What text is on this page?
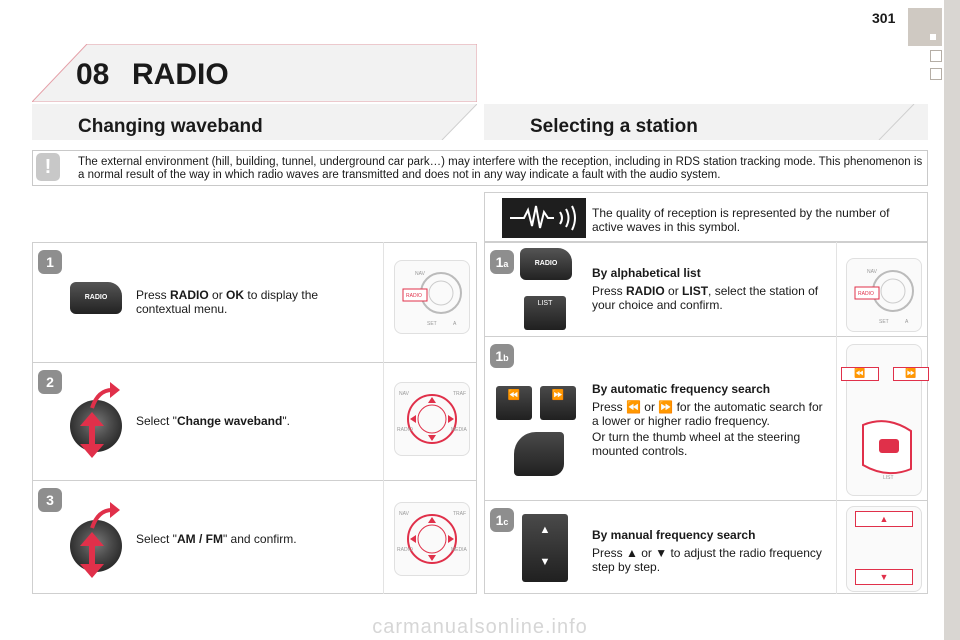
301
08 RADIO
Changing waveband	Selecting a station
!	The external environment (hill, building, tunnel, underground car park…) may interfere with the reception, including in RDS station tracking mode. This phenomenon is a normal result of the way in which radio waves are transmitted and does not in any way indicate a fault with the audio system.
The quality of reception is represented by the number of active waves in this symbol.
1
RADIO	Press RADIO or OK to display the contextual menu.
NAV
RADIO
SET	A
2
Select "Change waveband".
NAV	TRAF
RADIO	MEDIA
3
Select "AM / FM" and confirm.
NAV	TRAF
RADIO	MEDIA
1a	RADIO
LIST
By alphabetical list
Press RADIO or LIST, select the station of your choice and confirm.
NAV
RADIO
SET	A
1b
⏪	⏩	By automatic frequency search
Press ⏪ or ⏩ for the automatic search for a lower or higher radio frequency.
Or turn the thumb wheel at the steering mounted controls.
⏪	⏩
LIST
1c
▲
▼
By manual frequency search
Press ▲ or ▼ to adjust the radio frequency step by step.
▲
▼
carmanualsonline.info
